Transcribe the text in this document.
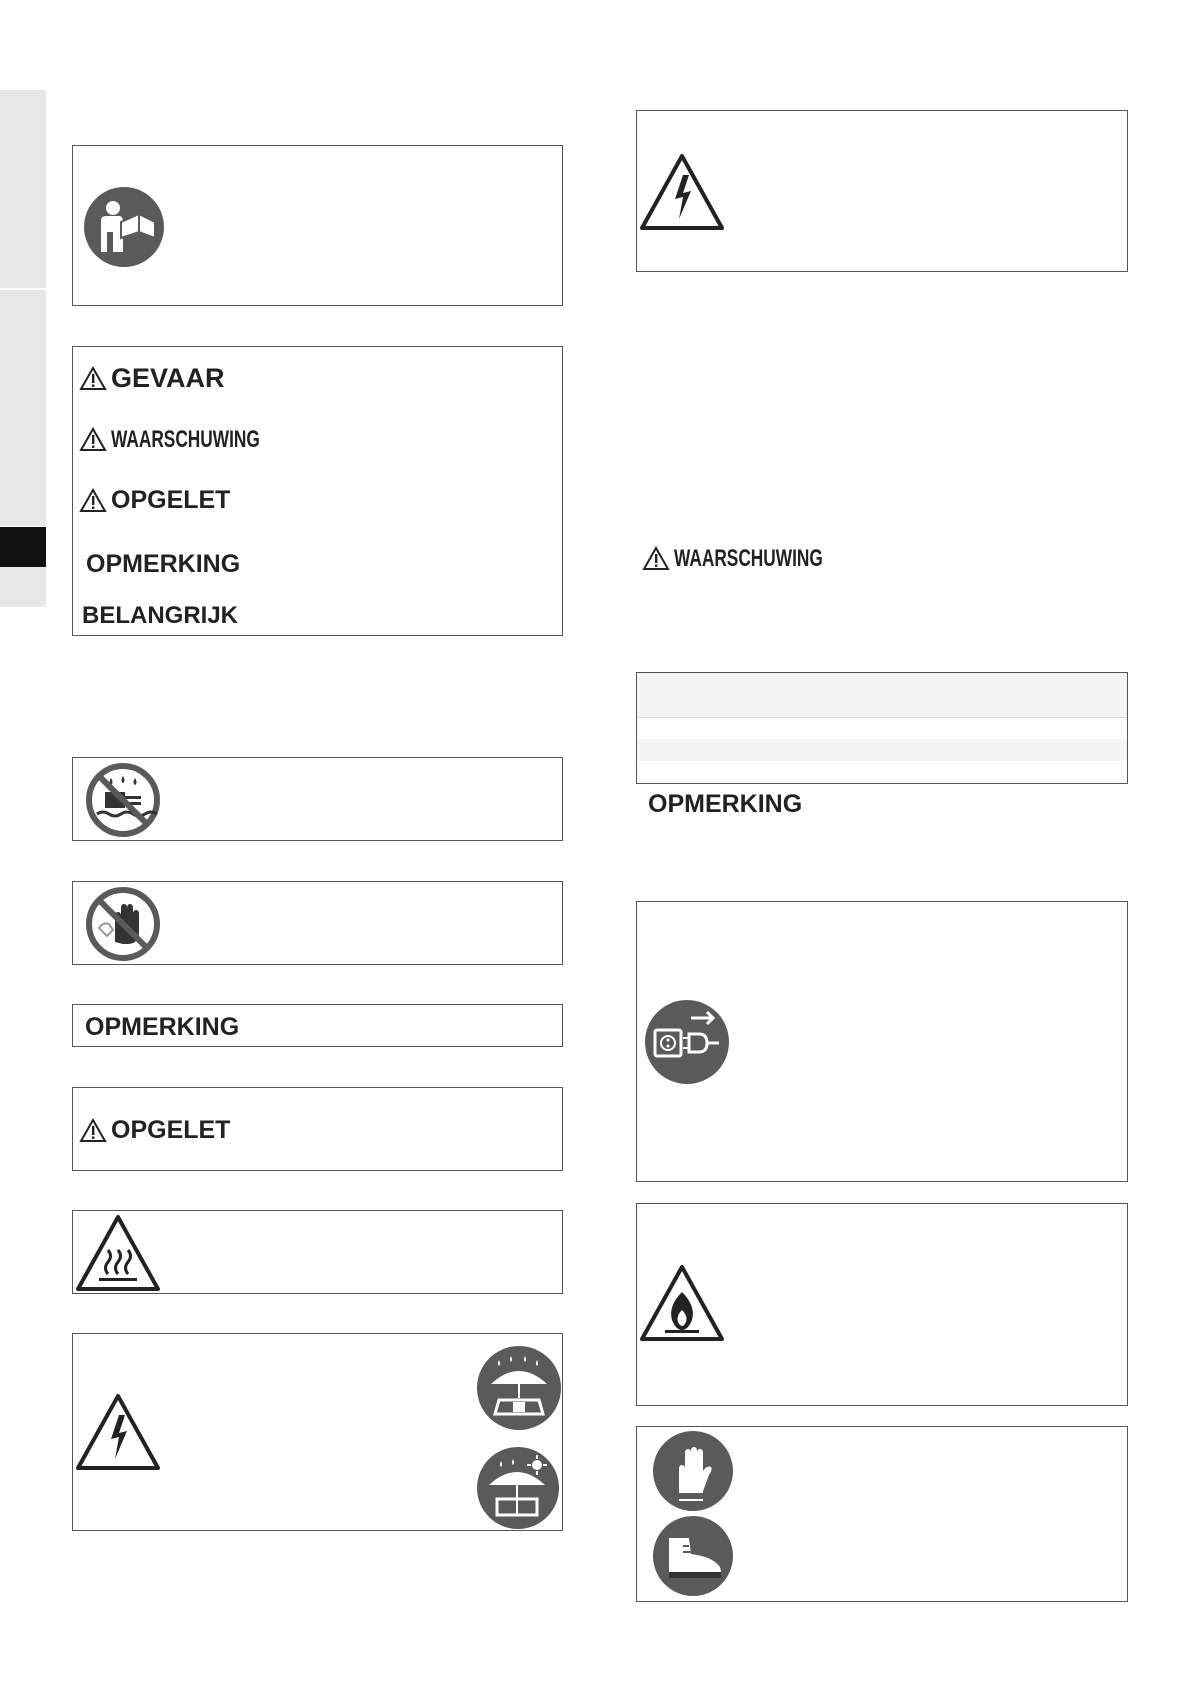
GEVAAR
WAARSCHUWING
OPGELET
OPMERKING
BELANGRIJK
OPMERKING
OPGELET
WAARSCHUWING
OPMERKING
